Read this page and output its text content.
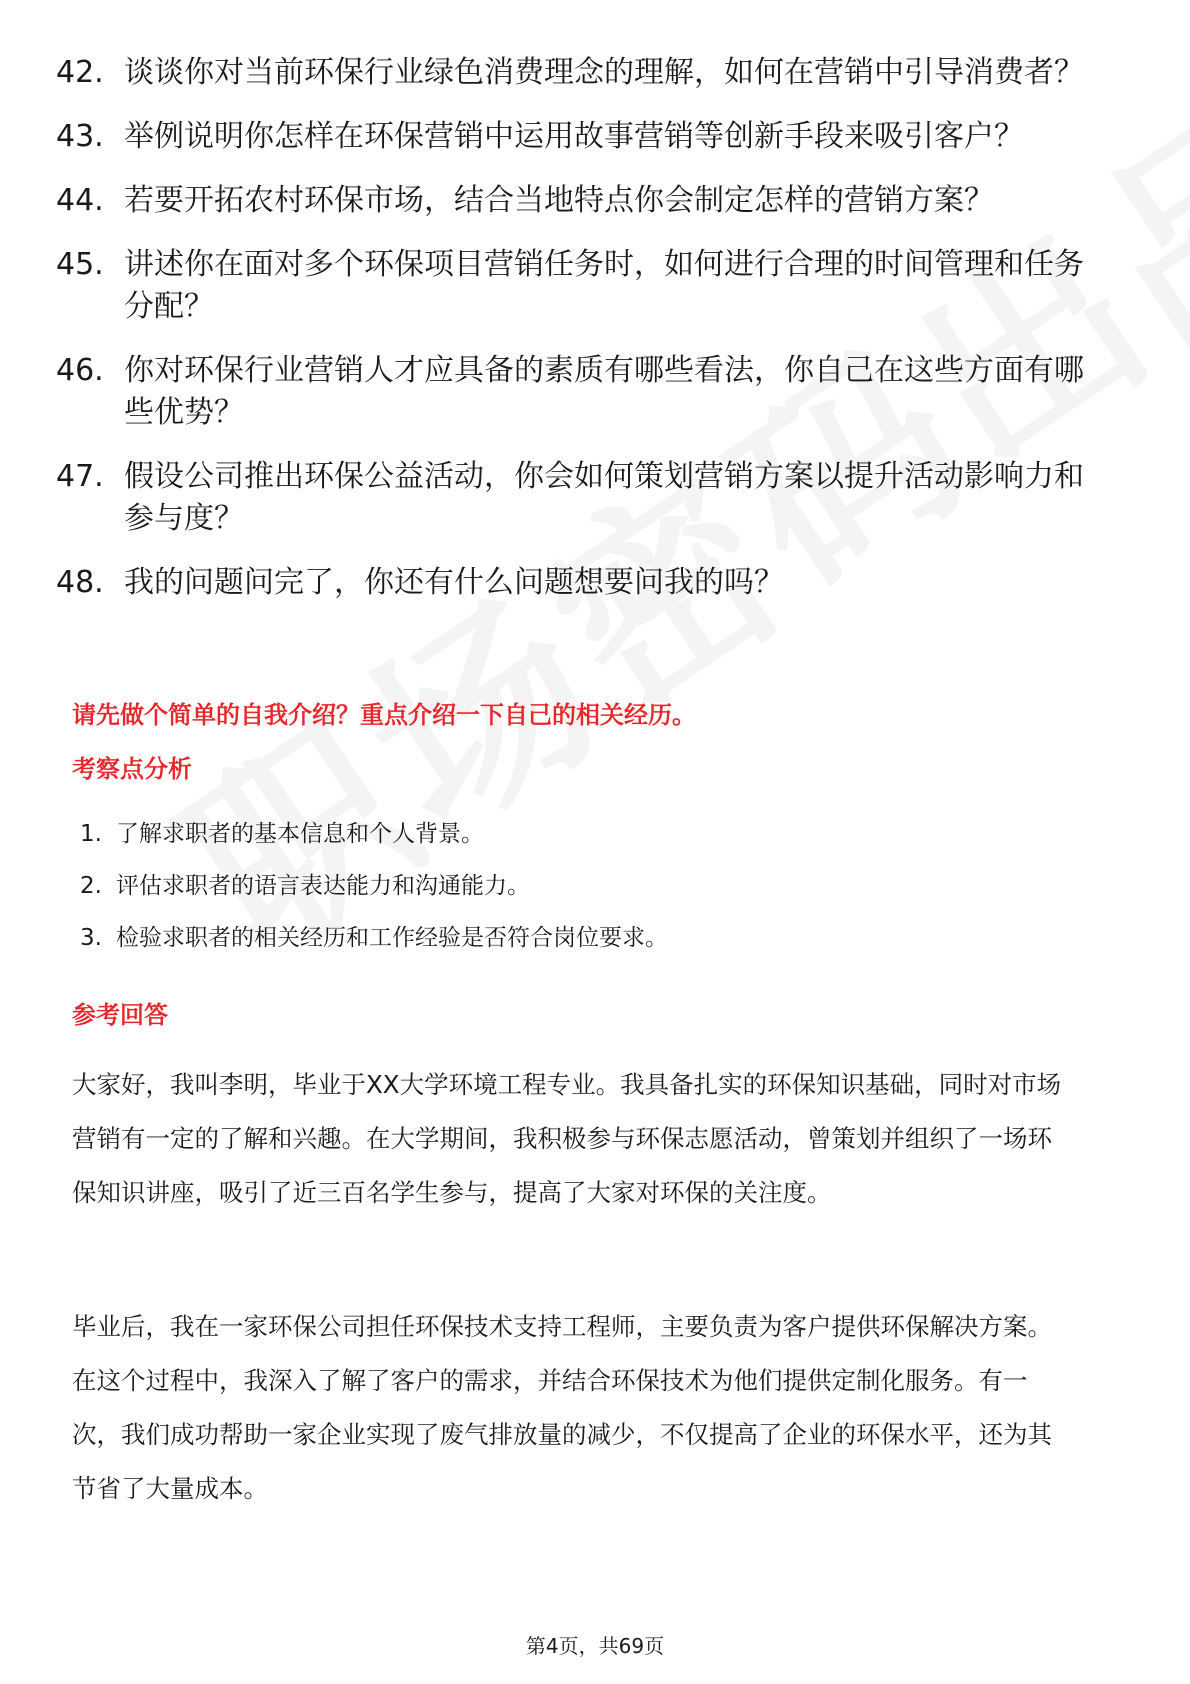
42. 谈谈你对当前环保行业绿色消费理念的理解，如何在营销中引导消费者？
43. 举例说明你怎样在环保营销中运用故事营销等创新手段来吸引客户？
44. 若要开拓农村环保市场，结合当地特点你会制定怎样的营销方案？
45. 讲述你在面对多个环保项目营销任务时，如何进行合理的时间管理和任务分配？
46. 你对环保行业营销人才应具备的素质有哪些看法，你自己在这些方面有哪些优势？
47. 假设公司推出环保公益活动，你会如何策划营销方案以提升活动影响力和参与度？
48. 我的问题问完了，你还有什么问题想要问我的吗？
请先做个简单的自我介绍？重点介绍一下自己的相关经历。
考察点分析
1. 了解求职者的基本信息和个人背景。
2. 评估求职者的语言表达能力和沟通能力。
3. 检验求职者的相关经历和工作经验是否符合岗位要求。
参考回答

大家好，我叫李明，毕业于XX大学环境工程专业。我具备扎实的环保知识基础，同时对市场营销有一定的了解和兴趣。在大学期间，我积极参与环保志愿活动，曾策划并组织了一场环保知识讲座，吸引了近三百名学生参与，提高了大家对环保的关注度。

毕业后，我在一家环保公司担任环保技术支持工程师，主要负责为客户提供环保解决方案。在这个过程中，我深入了解了客户的需求，并结合环保技术为他们提供定制化服务。有一次，我们成功帮助一家企业实现了废气排放量的减少，不仅提高了企业的环保水平，还为其节省了大量成本。

第4页，共69页
